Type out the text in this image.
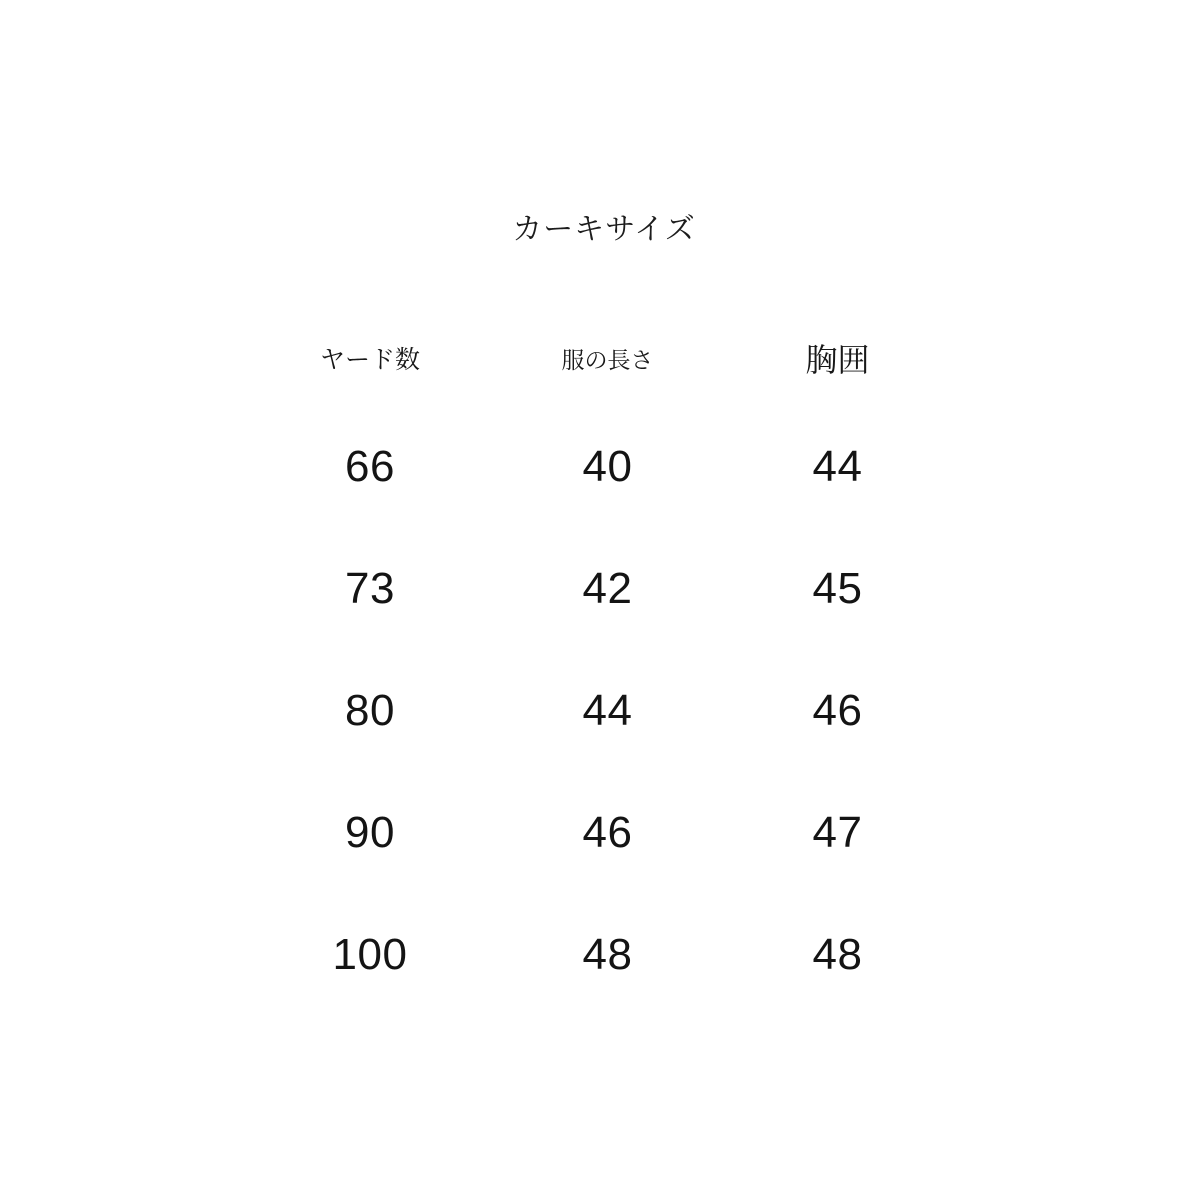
カーキサイズ
ヤード数	服の長さ	胸囲
66	40	44
73	42	45
80	44	46
90	46	47
100	48	48
